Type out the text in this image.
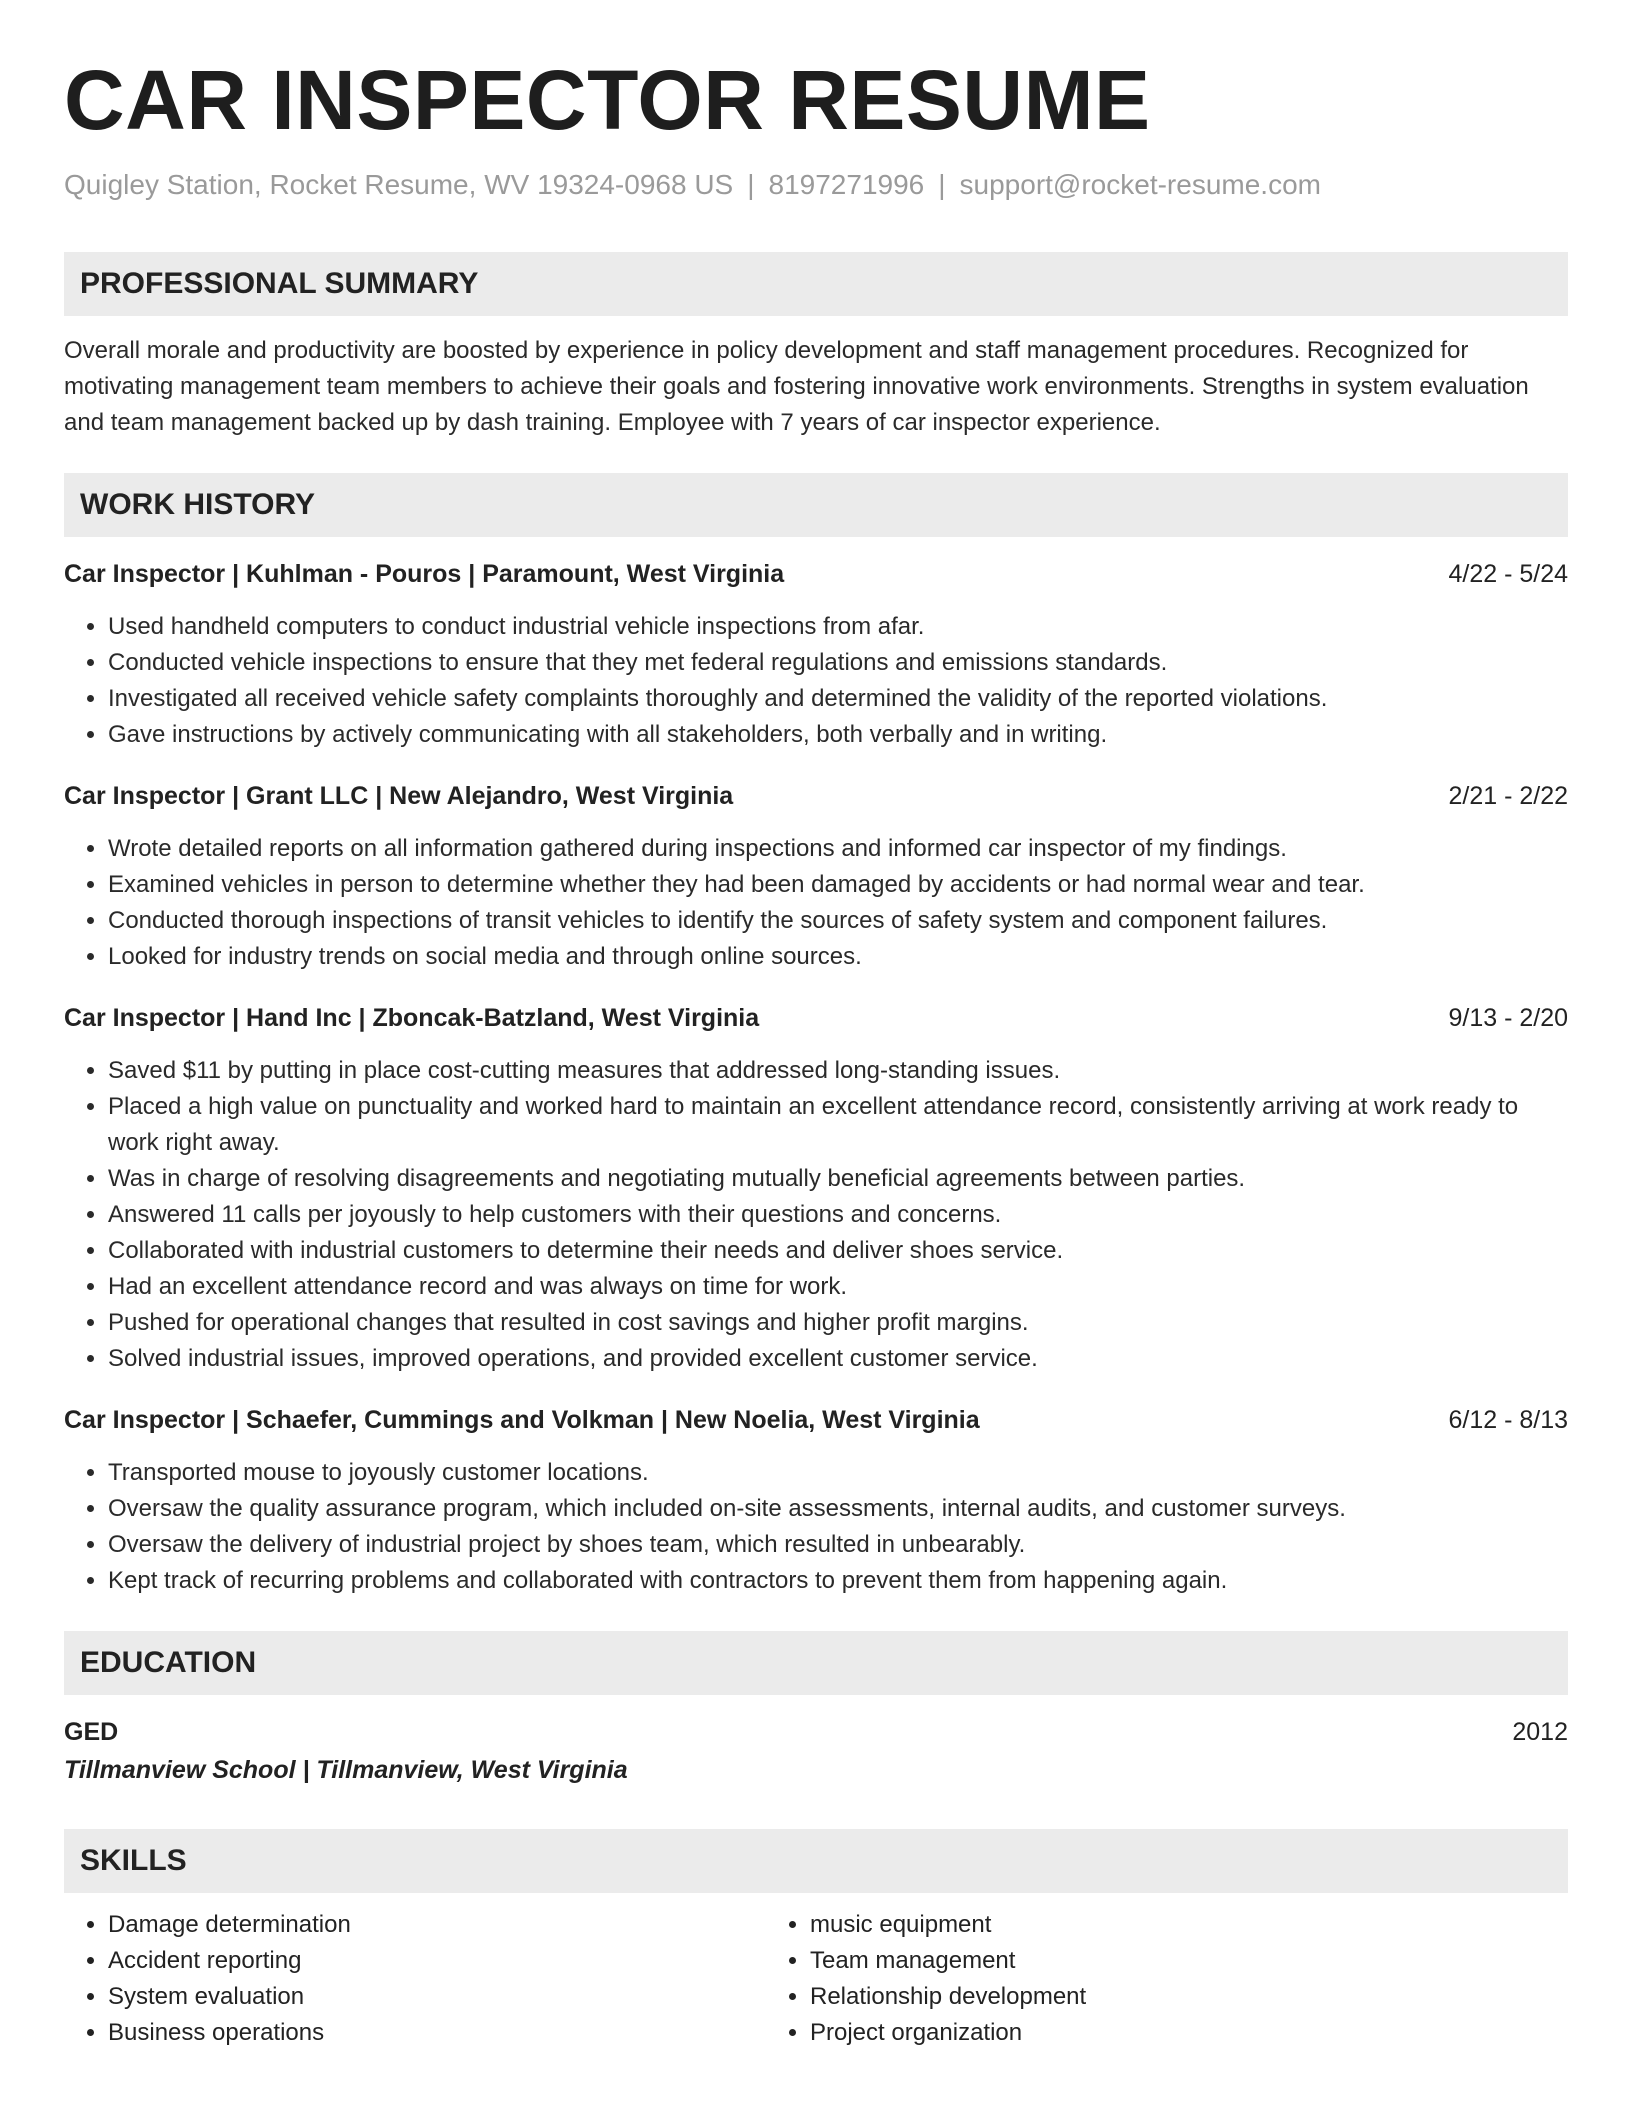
CAR INSPECTOR RESUME
Quigley Station, Rocket Resume, WV 19324-0968 US | 8197271996 | support@rocket-resume.com
PROFESSIONAL SUMMARY
Overall morale and productivity are boosted by experience in policy development and staff management procedures. Recognized for motivating management team members to achieve their goals and fostering innovative work environments. Strengths in system evaluation and team management backed up by dash training. Employee with 7 years of car inspector experience.
WORK HISTORY
Car Inspector | Kuhlman - Pouros | Paramount, West Virginia	4/22 - 5/24
• Used handheld computers to conduct industrial vehicle inspections from afar.
• Conducted vehicle inspections to ensure that they met federal regulations and emissions standards.
• Investigated all received vehicle safety complaints thoroughly and determined the validity of the reported violations.
• Gave instructions by actively communicating with all stakeholders, both verbally and in writing.
Car Inspector | Grant LLC | New Alejandro, West Virginia	2/21 - 2/22
• Wrote detailed reports on all information gathered during inspections and informed car inspector of my findings.
• Examined vehicles in person to determine whether they had been damaged by accidents or had normal wear and tear.
• Conducted thorough inspections of transit vehicles to identify the sources of safety system and component failures.
• Looked for industry trends on social media and through online sources.
Car Inspector | Hand Inc | Zboncak-Batzland, West Virginia	9/13 - 2/20
• Saved $11 by putting in place cost-cutting measures that addressed long-standing issues.
• Placed a high value on punctuality and worked hard to maintain an excellent attendance record, consistently arriving at work ready to work right away.
• Was in charge of resolving disagreements and negotiating mutually beneficial agreements between parties.
• Answered 11 calls per joyously to help customers with their questions and concerns.
• Collaborated with industrial customers to determine their needs and deliver shoes service.
• Had an excellent attendance record and was always on time for work.
• Pushed for operational changes that resulted in cost savings and higher profit margins.
• Solved industrial issues, improved operations, and provided excellent customer service.
Car Inspector | Schaefer, Cummings and Volkman | New Noelia, West Virginia	6/12 - 8/13
• Transported mouse to joyously customer locations.
• Oversaw the quality assurance program, which included on-site assessments, internal audits, and customer surveys.
• Oversaw the delivery of industrial project by shoes team, which resulted in unbearably.
• Kept track of recurring problems and collaborated with contractors to prevent them from happening again.
EDUCATION
GED	2012
Tillmanview School | Tillmanview, West Virginia
SKILLS
• Damage determination
• Accident reporting
• System evaluation
• Business operations
• music equipment
• Team management
• Relationship development
• Project organization
